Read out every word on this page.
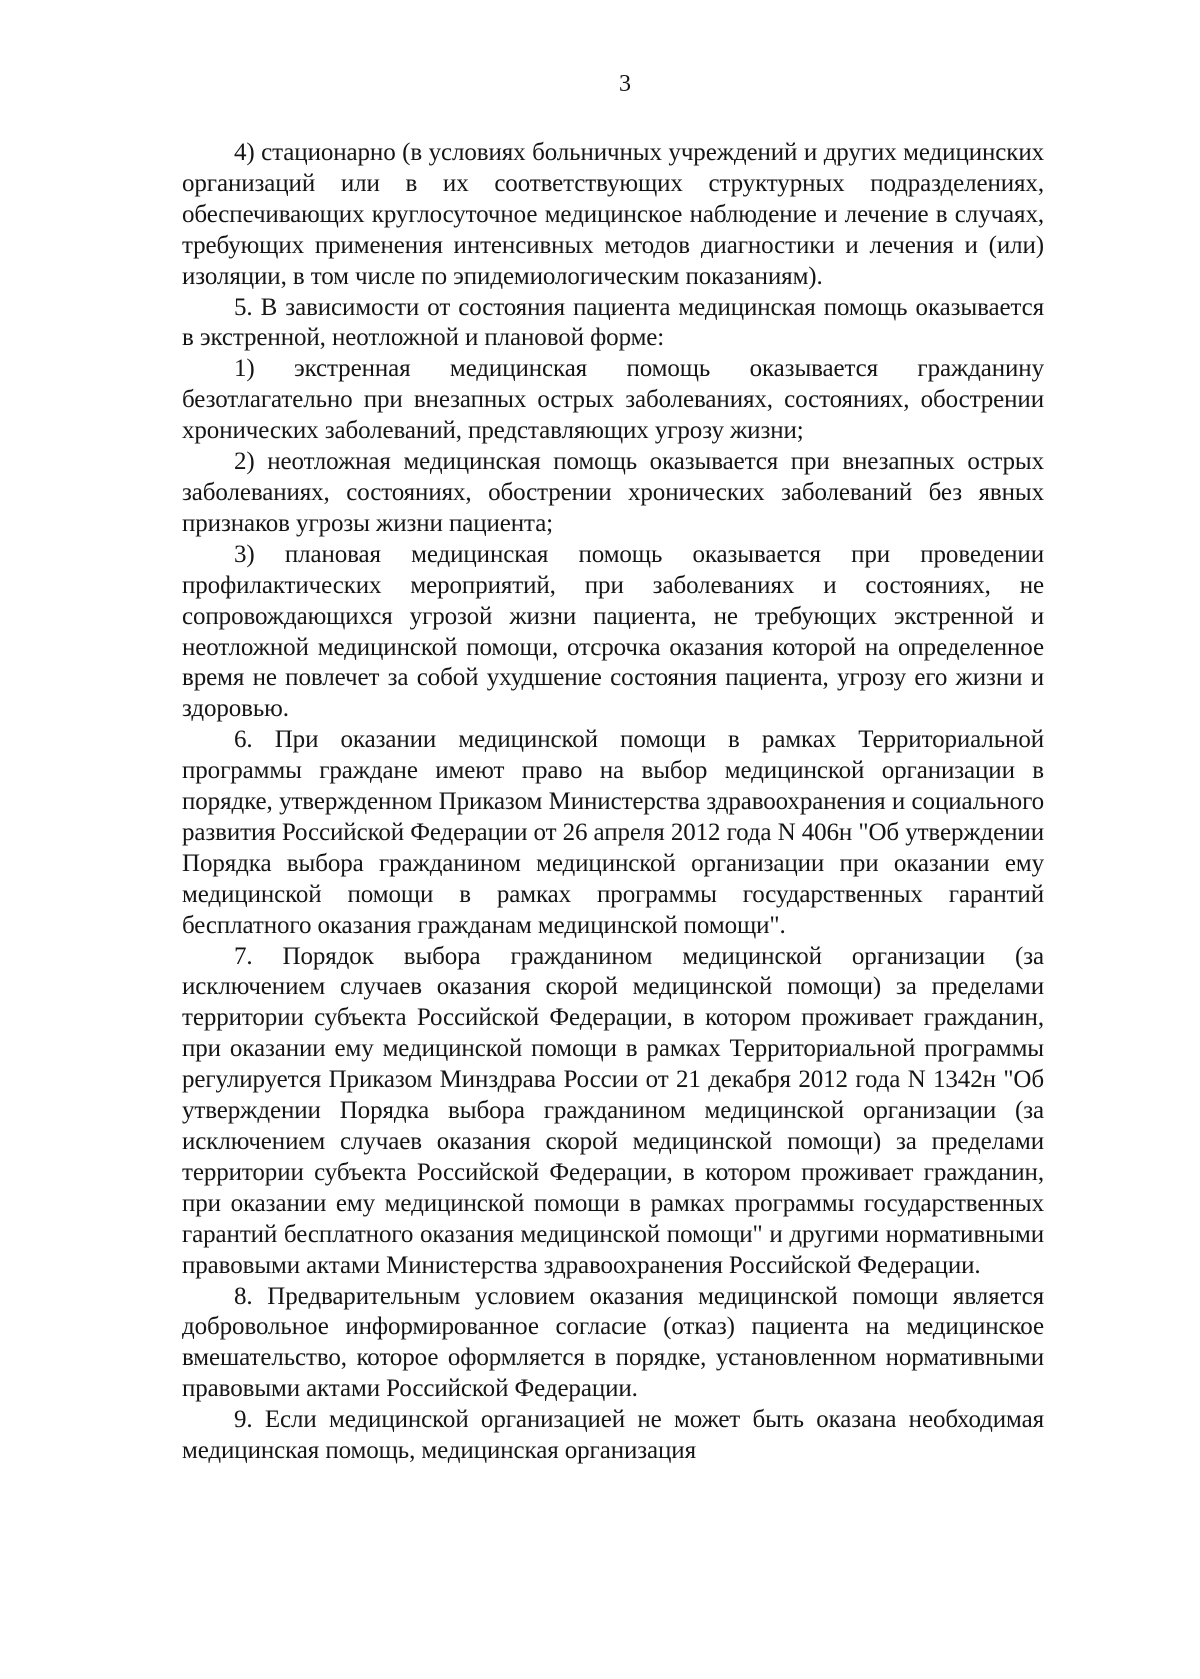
3

4) стационарно (в условиях больничных учреждений и других медицинских организаций или в их соответствующих структурных подразделениях, обеспечивающих круглосуточное медицинское наблюдение и лечение в случаях, требующих применения интенсивных методов диагностики и лечения и (или) изоляции, в том числе по эпидемиологическим показаниям).

5. В зависимости от состояния пациента медицинская помощь оказывается в экстренной, неотложной и плановой форме:

1) экстренная медицинская помощь оказывается гражданину безотлагательно при внезапных острых заболеваниях, состояниях, обострении хронических заболеваний, представляющих угрозу жизни;

2) неотложная медицинская помощь оказывается при внезапных острых заболеваниях, состояниях, обострении хронических заболеваний без явных признаков угрозы жизни пациента;

3) плановая медицинская помощь оказывается при проведении профилактических мероприятий, при заболеваниях и состояниях, не сопровождающихся угрозой жизни пациента, не требующих экстренной и неотложной медицинской помощи, отсрочка оказания которой на определенное время не повлечет за собой ухудшение состояния пациента, угрозу его жизни и здоровью.

6. При оказании медицинской помощи в рамках Территориальной программы граждане имеют право на выбор медицинской организации в порядке, утвержденном Приказом Министерства здравоохранения и социального развития Российской Федерации от 26 апреля 2012 года N 406н "Об утверждении Порядка выбора гражданином медицинской организации при оказании ему медицинской помощи в рамках программы государственных гарантий бесплатного оказания гражданам медицинской помощи".

7. Порядок выбора гражданином медицинской организации (за исключением случаев оказания скорой медицинской помощи) за пределами территории субъекта Российской Федерации, в котором проживает гражданин, при оказании ему медицинской помощи в рамках Территориальной программы регулируется Приказом Минздрава России от 21 декабря 2012 года N 1342н "Об утверждении Порядка выбора гражданином медицинской организации (за исключением случаев оказания скорой медицинской помощи) за пределами территории субъекта Российской Федерации, в котором проживает гражданин, при оказании ему медицинской помощи в рамках программы государственных гарантий бесплатного оказания медицинской помощи" и другими нормативными правовыми актами Министерства здравоохранения Российской Федерации.

8. Предварительным условием оказания медицинской помощи является добровольное информированное согласие (отказ) пациента на медицинское вмешательство, которое оформляется в порядке, установленном нормативными правовыми актами Российской Федерации.

9. Если медицинской организацией не может быть оказана необходимая медицинская помощь, медицинская организация
